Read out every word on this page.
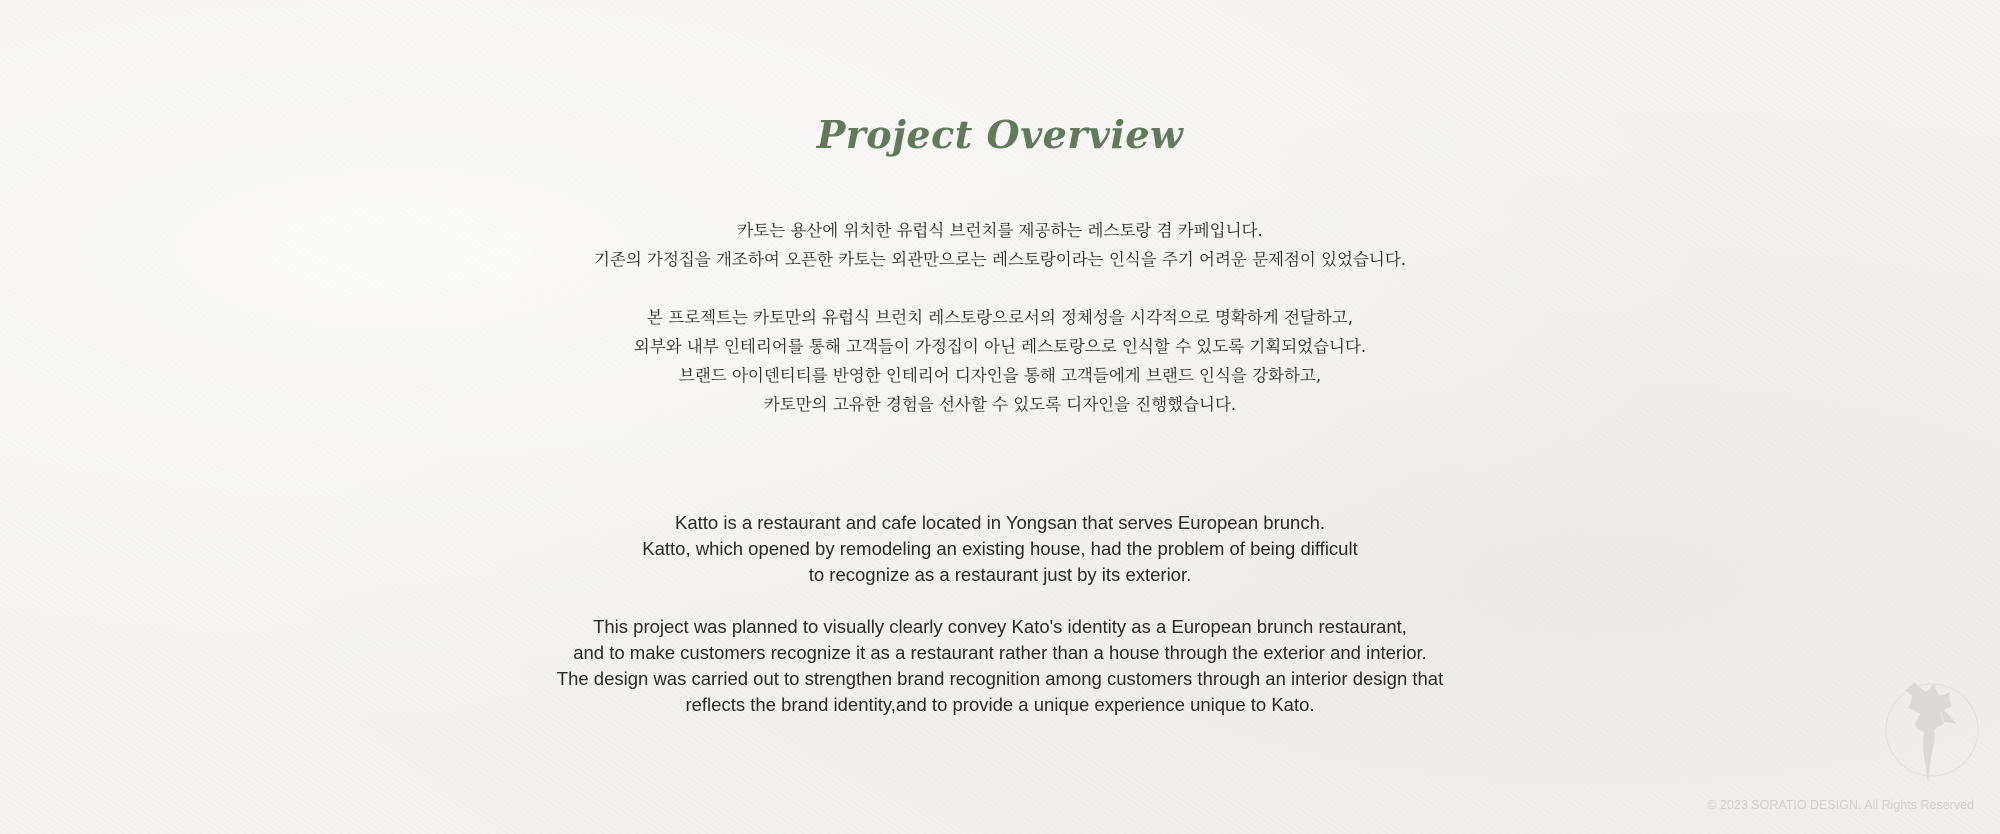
Project Overview

카토는 용산에 위치한 유럽식 브런치를 제공하는 레스토랑 겸 카페입니다.

기존의 가정집을 개조하여 오픈한 카토는 외관만으로는 레스토랑이라는 인식을 주기 어려운 문제점이 있었습니다.

본 프로젝트는 카토만의 유럽식 브런치 레스토랑으로서의 정체성을 시각적으로 명확하게 전달하고,

외부와 내부 인테리어를 통해 고객들이 가정집이 아닌 레스토랑으로 인식할 수 있도록 기획되었습니다.

브랜드 아이덴티티를 반영한 인테리어 디자인을 통해 고객들에게 브랜드 인식을 강화하고,

카토만의 고유한 경험을 선사할 수 있도록 디자인을 진행했습니다.

Katto is a restaurant and cafe located in Yongsan that serves European brunch.

Katto, which opened by remodeling an existing house, had the problem of being difficult

to recognize as a restaurant just by its exterior.

This project was planned to visually clearly convey Kato's identity as a European brunch restaurant,

and to make customers recognize it as a restaurant rather than a house through the exterior and interior.

The design was carried out to strengthen brand recognition among customers through an interior design that

reflects the brand identity,and to provide a unique experience unique to Kato.

© 2023 SORATIO DESIGN. All Rights Reserved
